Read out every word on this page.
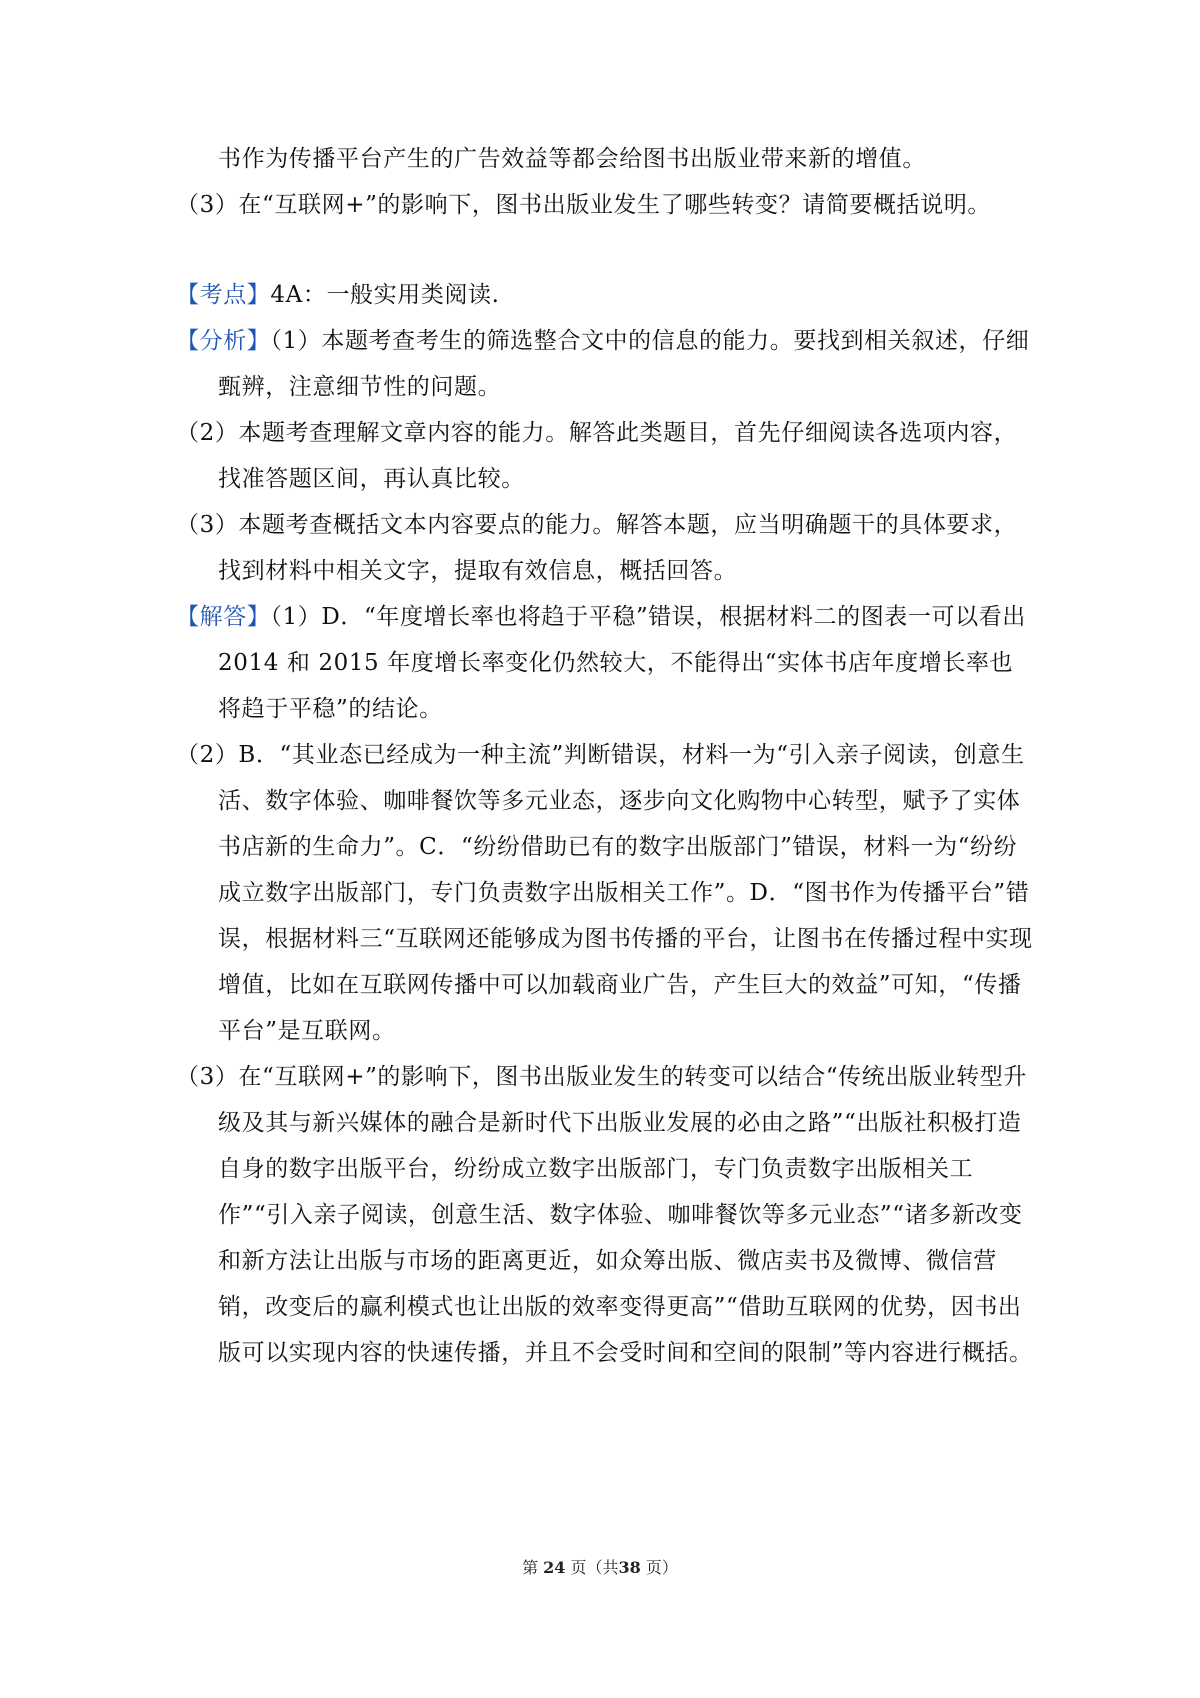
书作为传播平台产生的广告效益等都会给图书出版业带来新的增值。

（3）在“互联网+”的影响下，图书出版业发生了哪些转变？请简要概括说明。

【考点】4A：一般实用类阅读.

【分析】（1）本题考查考生的筛选整合文中的信息的能力。要找到相关叙述，仔细甄辨，注意细节性的问题。

（2）本题考查理解文章内容的能力。解答此类题目，首先仔细阅读各选项内容，找准答题区间，再认真比较。

（3）本题考查概括文本内容要点的能力。解答本题，应当明确题干的具体要求，找到材料中相关文字，提取有效信息，概括回答。

【解答】（1）D．“年度增长率也将趋于平稳”错误，根据材料二的图表一可以看出 2014 和 2015 年度增长率变化仍然较大，不能得出“实体书店年度增长率也将趋于平稳”的结论。

（2）B．“其业态已经成为一种主流”判断错误，材料一为“引入亲子阅读，创意生活、数字体验、咖啡餐饮等多元业态，逐步向文化购物中心转型，赋予了实体书店新的生命力”。C．“纷纷借助已有的数字出版部门”错误，材料一为“纷纷成立数字出版部门，专门负责数字出版相关工作”。D．“图书作为传播平台”错误，根据材料三“互联网还能够成为图书传播的平台，让图书在传播过程中实现增值，比如在互联网传播中可以加载商业广告，产生巨大的效益”可知，“传播平台”是互联网。

（3）在“互联网+”的影响下，图书出版业发生的转变可以结合“传统出版业转型升级及其与新兴媒体的融合是新时代下出版业发展的必由之路”“出版社积极打造自身的数字出版平台，纷纷成立数字出版部门，专门负责数字出版相关工作”“引入亲子阅读，创意生活、数字体验、咖啡餐饮等多元业态”“诸多新改变和新方法让出版与市场的距离更近，如众筹出版、微店卖书及微博、微信营销，改变后的赢利模式也让出版的效率变得更高”“借助互联网的优势，因书出版可以实现内容的快速传播，并且不会受时间和空间的限制”等内容进行概括。

第 24 页（共38 页）
